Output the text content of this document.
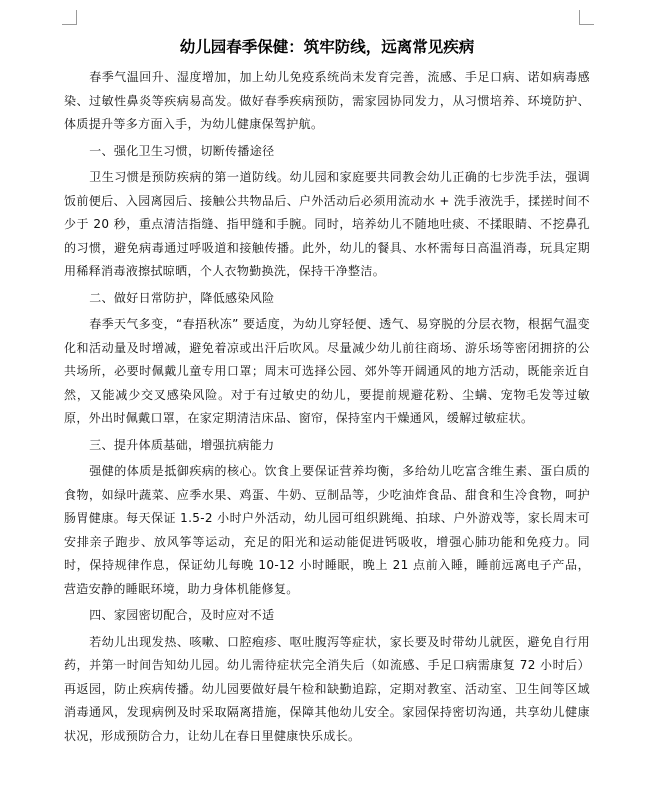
幼儿园春季保健：筑牢防线，远离常见疾病

春季气温回升、湿度增加，加上幼儿免疫系统尚未发育完善，流感、手足口病、诺如病毒感染、过敏性鼻炎等疾病易高发。做好春季疾病预防，需家园协同发力，从习惯培养、环境防护、体质提升等多方面入手，为幼儿健康保驾护航。

一、强化卫生习惯，切断传播途径

卫生习惯是预防疾病的第一道防线。幼儿园和家庭要共同教会幼儿正确的七步洗手法，强调饭前便后、入园离园后、接触公共物品后、户外活动后必须用流动水 + 洗手液洗手，揉搓时间不少于 20 秒，重点清洁指缝、指甲缝和手腕。同时，培养幼儿不随地吐痰、不揉眼睛、不挖鼻孔的习惯，避免病毒通过呼吸道和接触传播。此外，幼儿的餐具、水杯需每日高温消毒，玩具定期用稀释消毒液擦拭晾晒，个人衣物勤换洗，保持干净整洁。

二、做好日常防护，降低感染风险

春季天气多变，“春捂秋冻” 要适度，为幼儿穿轻便、透气、易穿脱的分层衣物，根据气温变化和活动量及时增减，避免着凉或出汗后吹风。尽量减少幼儿前往商场、游乐场等密闭拥挤的公共场所，必要时佩戴儿童专用口罩；周末可选择公园、郊外等开阔通风的地方活动，既能亲近自然，又能减少交叉感染风险。对于有过敏史的幼儿，要提前规避花粉、尘螨、宠物毛发等过敏原，外出时佩戴口罩，在家定期清洁床品、窗帘，保持室内干燥通风，缓解过敏症状。

三、提升体质基础，增强抗病能力

强健的体质是抵御疾病的核心。饮食上要保证营养均衡，多给幼儿吃富含维生素、蛋白质的食物，如绿叶蔬菜、应季水果、鸡蛋、牛奶、豆制品等，少吃油炸食品、甜食和生冷食物，呵护肠胃健康。每天保证 1.5-2 小时户外活动，幼儿园可组织跳绳、拍球、户外游戏等，家长周末可安排亲子跑步、放风筝等运动，充足的阳光和运动能促进钙吸收，增强心肺功能和免疫力。同时，保持规律作息，保证幼儿每晚 10-12 小时睡眠，晚上 21 点前入睡，睡前远离电子产品，营造安静的睡眠环境，助力身体机能修复。

四、家园密切配合，及时应对不适

若幼儿出现发热、咳嗽、口腔疱疹、呕吐腹泻等症状，家长要及时带幼儿就医，避免自行用药，并第一时间告知幼儿园。幼儿需待症状完全消失后（如流感、手足口病需康复 72 小时后）再返园，防止疾病传播。幼儿园要做好晨午检和缺勤追踪，定期对教室、活动室、卫生间等区域消毒通风，发现病例及时采取隔离措施，保障其他幼儿安全。家园保持密切沟通，共享幼儿健康状况，形成预防合力，让幼儿在春日里健康快乐成长。
